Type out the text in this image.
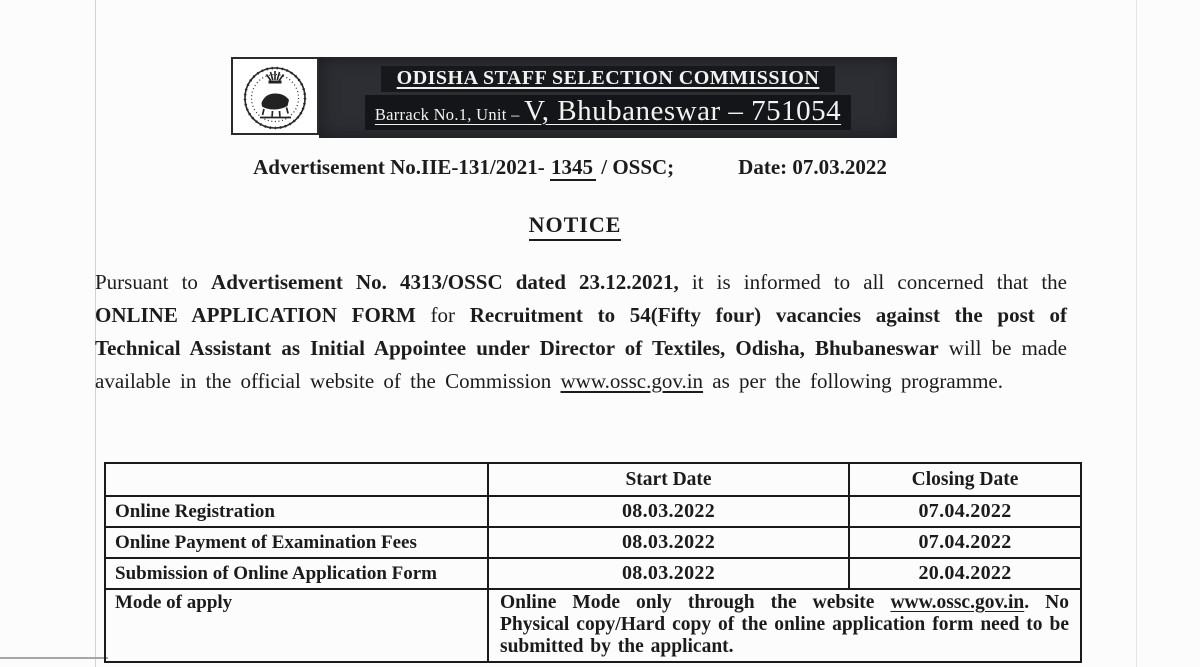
ODISHA STAFF SELECTION COMMISSION
Barrack No.1, Unit – V, Bhubaneswar – 751054
Advertisement No.IIE-131/2021- 1345 / OSSC;	Date: 07.03.2022
NOTICE

Pursuant to Advertisement No. 4313/OSSC dated 23.12.2021, it is informed to all concerned that the ONLINE APPLICATION FORM for Recruitment to 54(Fifty four) vacancies against the post of Technical Assistant as Initial Appointee under Director of Textiles, Odisha, Bhubaneswar will be made available in the official website of the Commission www.ossc.gov.in as per the following programme.

	Start Date	Closing Date
Online Registration	08.03.2022	07.04.2022
Online Payment of Examination Fees	08.03.2022	07.04.2022
Submission of Online Application Form	08.03.2022	20.04.2022
Mode of apply	Online Mode only through the website www.ossc.gov.in. No Physical copy/Hard copy of the online application form need to be submitted by the applicant.	
